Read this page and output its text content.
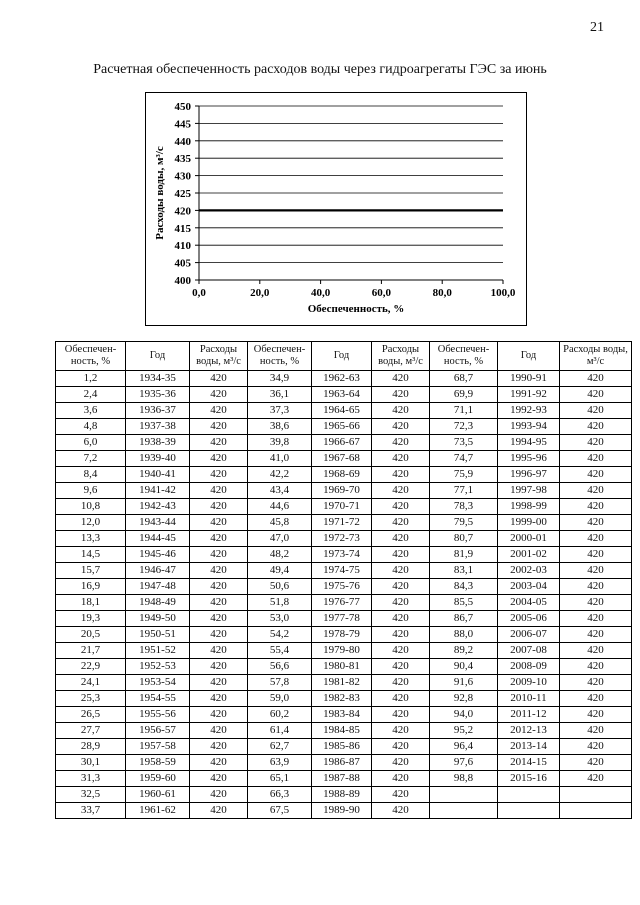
21
Расчетная обеспеченность расходов воды через гидроагрегаты ГЭС за июнь
400
405
410
415
420
425
430
435
440
445
450
0,0	20,0	40,0	60,0	80,0	100,0
Обеспеченность, %
Расходы воды, м³/с
Обеспечен-ность, %	Год	Расходы воды, м³/с	Обеспечен-ность, %	Год	Расходы воды, м³/с	Обеспечен-ность, %	Год	Расходы воды, м³/с
1,2	1934-35	420	34,9	1962-63	420	68,7	1990-91	420
2,4	1935-36	420	36,1	1963-64	420	69,9	1991-92	420
3,6	1936-37	420	37,3	1964-65	420	71,1	1992-93	420
4,8	1937-38	420	38,6	1965-66	420	72,3	1993-94	420
6,0	1938-39	420	39,8	1966-67	420	73,5	1994-95	420
7,2	1939-40	420	41,0	1967-68	420	74,7	1995-96	420
8,4	1940-41	420	42,2	1968-69	420	75,9	1996-97	420
9,6	1941-42	420	43,4	1969-70	420	77,1	1997-98	420
10,8	1942-43	420	44,6	1970-71	420	78,3	1998-99	420
12,0	1943-44	420	45,8	1971-72	420	79,5	1999-00	420
13,3	1944-45	420	47,0	1972-73	420	80,7	2000-01	420
14,5	1945-46	420	48,2	1973-74	420	81,9	2001-02	420
15,7	1946-47	420	49,4	1974-75	420	83,1	2002-03	420
16,9	1947-48	420	50,6	1975-76	420	84,3	2003-04	420
18,1	1948-49	420	51,8	1976-77	420	85,5	2004-05	420
19,3	1949-50	420	53,0	1977-78	420	86,7	2005-06	420
20,5	1950-51	420	54,2	1978-79	420	88,0	2006-07	420
21,7	1951-52	420	55,4	1979-80	420	89,2	2007-08	420
22,9	1952-53	420	56,6	1980-81	420	90,4	2008-09	420
24,1	1953-54	420	57,8	1981-82	420	91,6	2009-10	420
25,3	1954-55	420	59,0	1982-83	420	92,8	2010-11	420
26,5	1955-56	420	60,2	1983-84	420	94,0	2011-12	420
27,7	1956-57	420	61,4	1984-85	420	95,2	2012-13	420
28,9	1957-58	420	62,7	1985-86	420	96,4	2013-14	420
30,1	1958-59	420	63,9	1986-87	420	97,6	2014-15	420
31,3	1959-60	420	65,1	1987-88	420	98,8	2015-16	420
32,5	1960-61	420	66,3	1988-89	420			
33,7	1961-62	420	67,5	1989-90	420			
